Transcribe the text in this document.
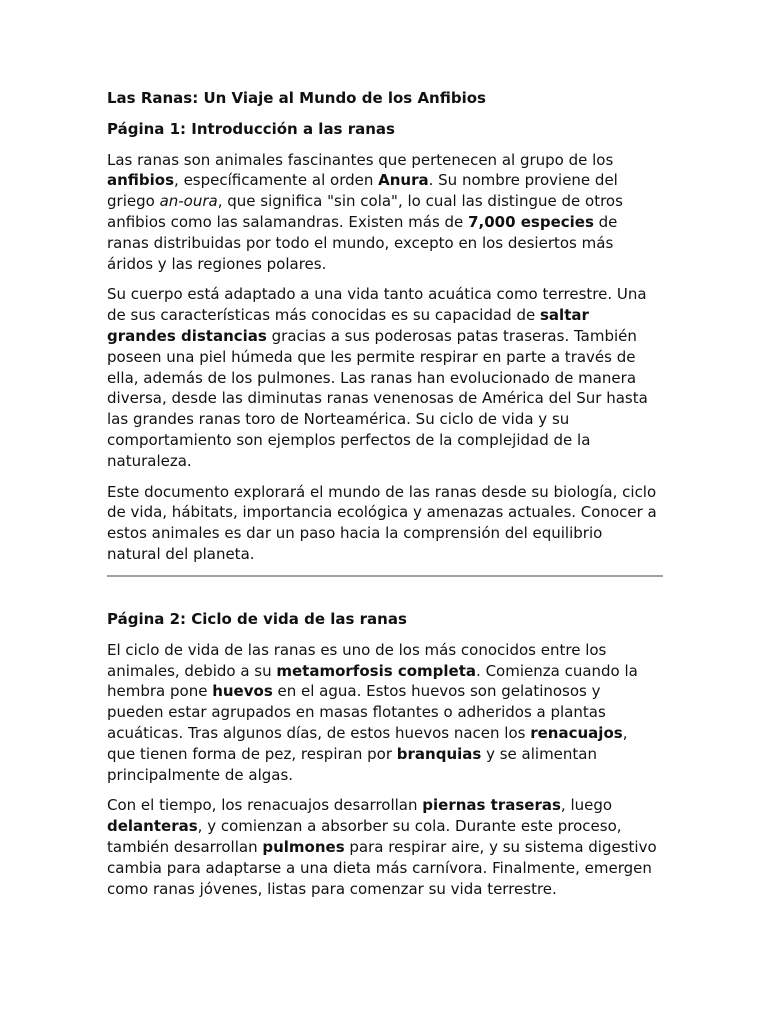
Las Ranas: Un Viaje al Mundo de los Anfibios

Página 1: Introducción a las ranas

Las ranas son animales fascinantes que pertenecen al grupo de los

anfibios, específicamente al orden Anura. Su nombre proviene del

griego an-oura, que significa "sin cola", lo cual las distingue de otros

anfibios como las salamandras. Existen más de 7,000 especies de

ranas distribuidas por todo el mundo, excepto en los desiertos más

áridos y las regiones polares.

Su cuerpo está adaptado a una vida tanto acuática como terrestre. Una

de sus características más conocidas es su capacidad de saltar

grandes distancias gracias a sus poderosas patas traseras. También

poseen una piel húmeda que les permite respirar en parte a través de

ella, además de los pulmones. Las ranas han evolucionado de manera

diversa, desde las diminutas ranas venenosas de América del Sur hasta

las grandes ranas toro de Norteamérica. Su ciclo de vida y su

comportamiento son ejemplos perfectos de la complejidad de la

naturaleza.

Este documento explorará el mundo de las ranas desde su biología, ciclo

de vida, hábitats, importancia ecológica y amenazas actuales. Conocer a

estos animales es dar un paso hacia la comprensión del equilibrio

natural del planeta.

Página 2: Ciclo de vida de las ranas

El ciclo de vida de las ranas es uno de los más conocidos entre los

animales, debido a su metamorfosis completa. Comienza cuando la

hembra pone huevos en el agua. Estos huevos son gelatinosos y

pueden estar agrupados en masas flotantes o adheridos a plantas

acuáticas. Tras algunos días, de estos huevos nacen los renacuajos,

que tienen forma de pez, respiran por branquias y se alimentan

principalmente de algas.

Con el tiempo, los renacuajos desarrollan piernas traseras, luego

delanteras, y comienzan a absorber su cola. Durante este proceso,

también desarrollan pulmones para respirar aire, y su sistema digestivo

cambia para adaptarse a una dieta más carnívora. Finalmente, emergen

como ranas jóvenes, listas para comenzar su vida terrestre.
